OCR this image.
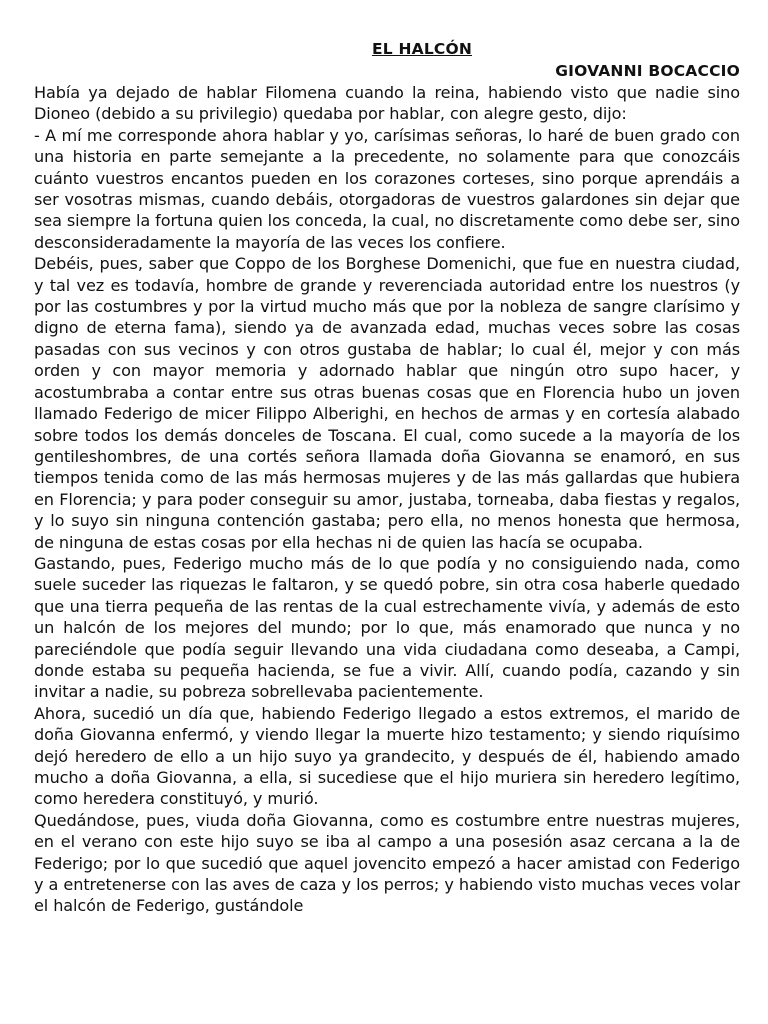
EL HALCÓN
GIOVANNI BOCACCIO

Había ya dejado de hablar Filomena cuando la reina, habiendo visto que nadie sino Dioneo (debido a su privilegio) quedaba por hablar, con alegre gesto, dijo:

- A mí me corresponde ahora hablar y yo, carísimas señoras, lo haré de buen grado con una historia en parte semejante a la precedente, no solamente para que conozcáis cuánto vuestros encantos pueden en los corazones corteses, sino porque aprendáis a ser vosotras mismas, cuando debáis, otorgadoras de vuestros galardones sin dejar que sea siempre la fortuna quien los conceda, la cual, no discretamente como debe ser, sino desconsideradamente la mayoría de las veces los confiere.

Debéis, pues, saber que Coppo de los Borghese Domenichi, que fue en nuestra ciudad, y tal vez es todavía, hombre de grande y reverenciada autoridad entre los nuestros (y por las costumbres y por la virtud mucho más que por la nobleza de sangre clarísimo y digno de eterna fama), siendo ya de avanzada edad, muchas veces sobre las cosas pasadas con sus vecinos y con otros gustaba de hablar; lo cual él, mejor y con más orden y con mayor memoria y adornado hablar que ningún otro supo hacer, y acostumbraba a contar entre sus otras buenas cosas que en Florencia hubo un joven llamado Federigo de micer Filippo Alberighi, en hechos de armas y en cortesía alabado sobre todos los demás donceles de Toscana. El cual, como sucede a la mayoría de los gentileshombres, de una cortés señora llamada doña Giovanna se enamoró, en sus tiempos tenida como de las más hermosas mujeres y de las más gallardas que hubiera en Florencia; y para poder conseguir su amor, justaba, torneaba, daba fiestas y regalos, y lo suyo sin ninguna contención gastaba; pero ella, no menos honesta que hermosa, de ninguna de estas cosas por ella hechas ni de quien las hacía se ocupaba.

Gastando, pues, Federigo mucho más de lo que podía y no consiguiendo nada, como suele suceder las riquezas le faltaron, y se quedó pobre, sin otra cosa haberle quedado que una tierra pequeña de las rentas de la cual estrechamente vivía, y además de esto un halcón de los mejores del mundo; por lo que, más enamorado que nunca y no pareciéndole que podía seguir llevando una vida ciudadana como deseaba, a Campi, donde estaba su pequeña hacienda, se fue a vivir. Allí, cuando podía, cazando y sin invitar a nadie, su pobreza sobrellevaba pacientemente.

Ahora, sucedió un día que, habiendo Federigo llegado a estos extremos, el marido de doña Giovanna enfermó, y viendo llegar la muerte hizo testamento; y siendo riquísimo dejó heredero de ello a un hijo suyo ya grandecito, y después de él, habiendo amado mucho a doña Giovanna, a ella, si sucediese que el hijo muriera sin heredero legítimo, como heredera constituyó, y murió.

Quedándose, pues, viuda doña Giovanna, como es costumbre entre nuestras mujeres, en el verano con este hijo suyo se iba al campo a una posesión asaz cercana a la de Federigo; por lo que sucedió que aquel jovencito empezó a hacer amistad con Federigo y a entretenerse con las aves de caza y los perros; y habiendo visto muchas veces volar el halcón de Federigo, gustándole
